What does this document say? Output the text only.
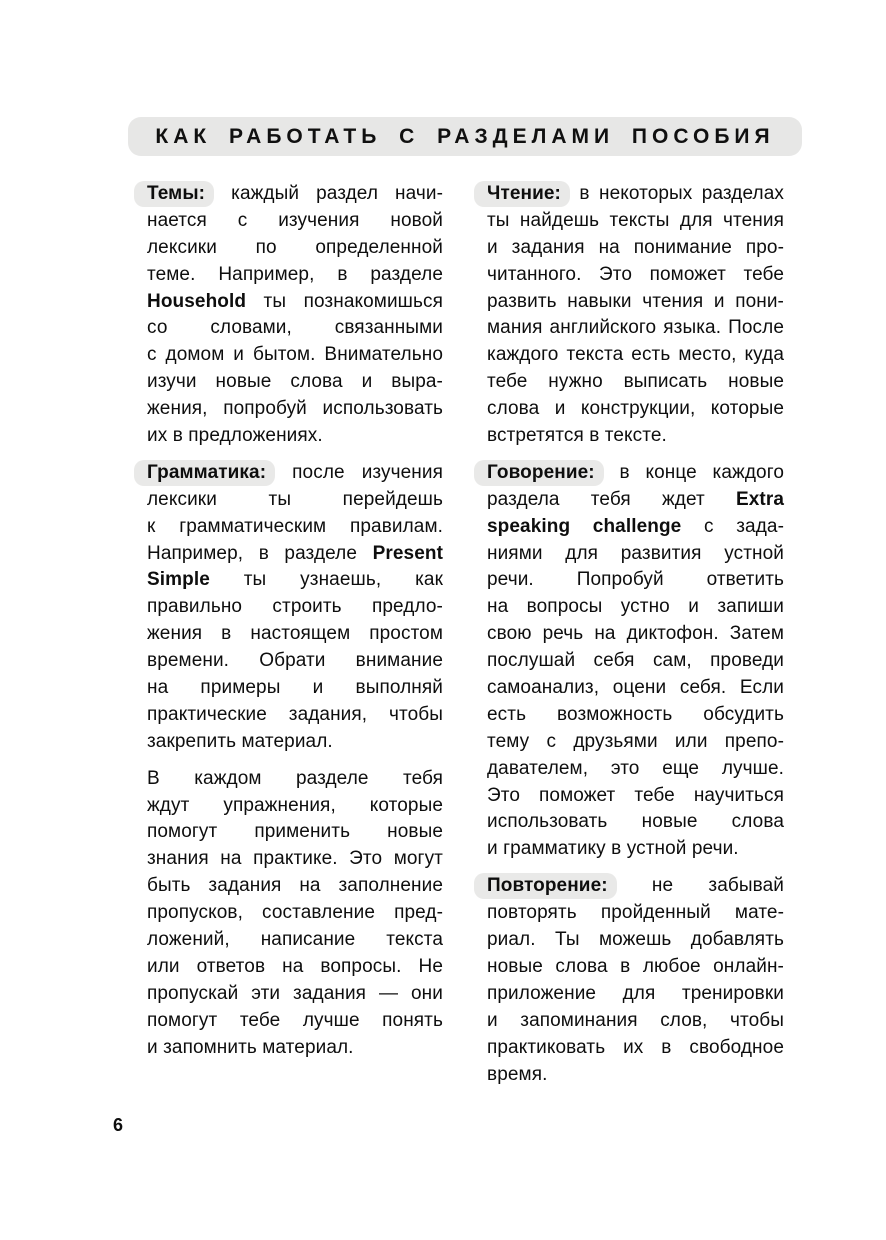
КАК РАБОТАТЬ С РАЗДЕЛАМИ ПОСОБИЯ
Темы: каждый раздел начи-
нается с изучения новой
лексики по определенной
теме. Например, в разделе
Household ты познакомишься
со словами, связанными
с домом и бытом. Внимательно
изучи новые слова и выра-
жения, попробуй использовать
их в предложениях.
Грамматика: после изучения
лексики ты перейдешь
к грамматическим правилам.
Например, в разделе Present
Simple ты узнаешь, как
правильно строить предло-
жения в настоящем простом
времени. Обрати внимание
на примеры и выполняй
практические задания, чтобы
закрепить материал.
В каждом разделе тебя
ждут упражнения, которые
помогут применить новые
знания на практике. Это могут
быть задания на заполнение
пропусков, составление пред-
ложений, написание текста
или ответов на вопросы. Не
пропускай эти задания — они
помогут тебе лучше понять
и запомнить материал.
Чтение: в некоторых разделах
ты найдешь тексты для чтения
и задания на понимание про-
читанного. Это поможет тебе
развить навыки чтения и пони-
мания английского языка. После
каждого текста есть место, куда
тебе нужно выписать новые
слова и конструкции, которые
встретятся в тексте.
Говорение: в конце каждого
раздела тебя ждет Extra
speaking challenge с зада-
ниями для развития устной
речи. Попробуй ответить
на вопросы устно и запиши
свою речь на диктофон. Затем
послушай себя сам, проведи
самоанализ, оцени себя. Если
есть возможность обсудить
тему с друзьями или препо-
давателем, это еще лучше.
Это поможет тебе научиться
использовать новые слова
и грамматику в устной речи.
Повторение: не забывай
повторять пройденный мате-
риал. Ты можешь добавлять
новые слова в любое онлайн-
приложение для тренировки
и запоминания слов, чтобы
практиковать их в свободное
время.
6
